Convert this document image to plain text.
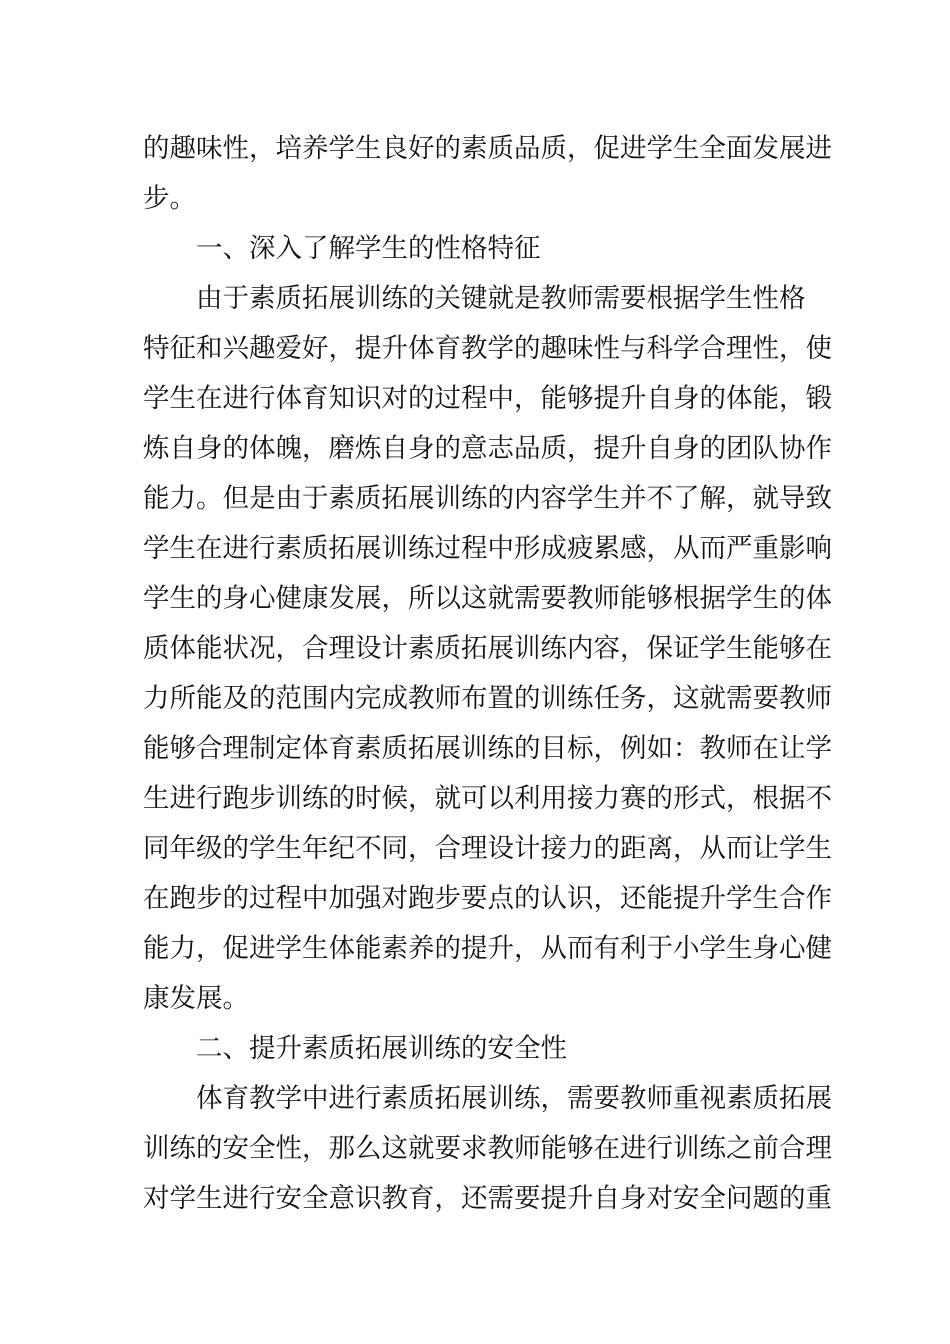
的趣味性，培养学生良好的素质品质，促进学生全面发展进

步。

一、深入了解学生的性格特征

由于素质拓展训练的关键就是教师需要根据学生性格

特征和兴趣爱好，提升体育教学的趣味性与科学合理性，使

学生在进行体育知识对的过程中，能够提升自身的体能，锻

炼自身的体魄，磨炼自身的意志品质，提升自身的团队协作

能力。但是由于素质拓展训练的内容学生并不了解，就导致

学生在进行素质拓展训练过程中形成疲累感，从而严重影响

学生的身心健康发展，所以这就需要教师能够根据学生的体

质体能状况，合理设计素质拓展训练内容，保证学生能够在

力所能及的范围内完成教师布置的训练任务，这就需要教师

能够合理制定体育素质拓展训练的目标，例如：教师在让学

生进行跑步训练的时候，就可以利用接力赛的形式，根据不

同年级的学生年纪不同，合理设计接力的距离，从而让学生

在跑步的过程中加强对跑步要点的认识，还能提升学生合作

能力，促进学生体能素养的提升，从而有利于小学生身心健

康发展。

二、提升素质拓展训练的安全性

体育教学中进行素质拓展训练，需要教师重视素质拓展

训练的安全性，那么这就要求教师能够在进行训练之前合理

对学生进行安全意识教育，还需要提升自身对安全问题的重
